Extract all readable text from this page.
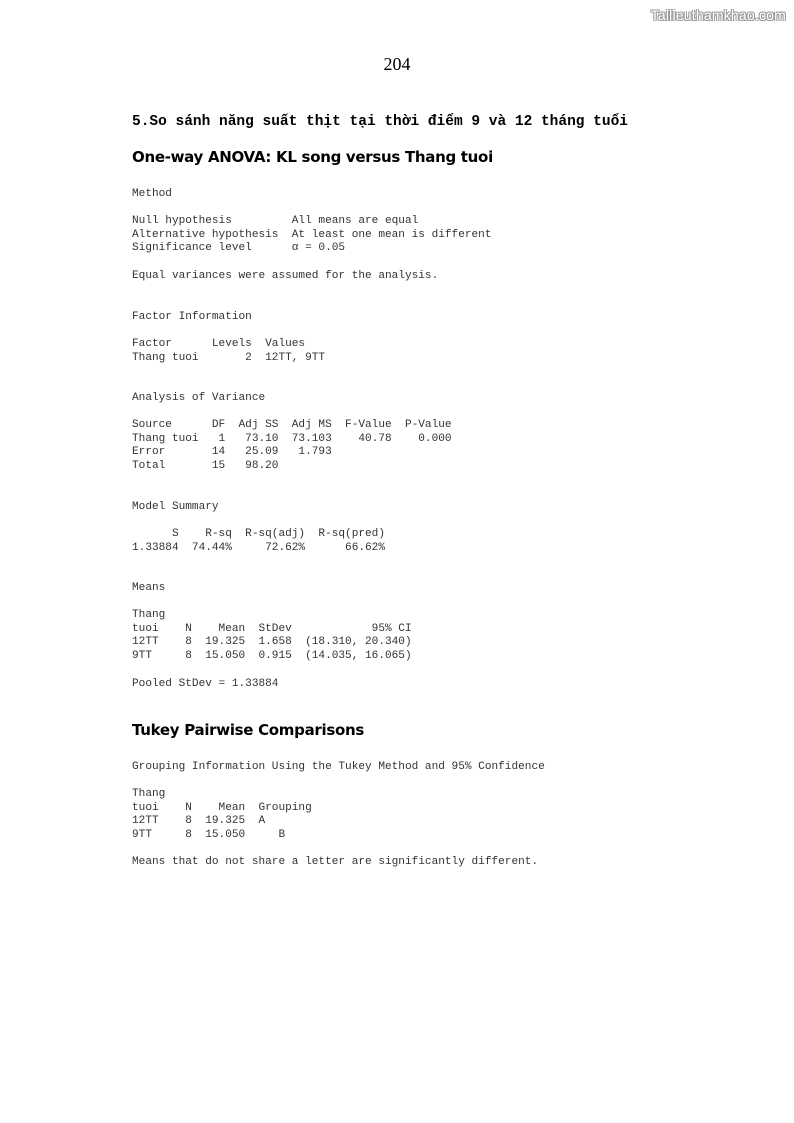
Tailieuthamkhao.com
204
5.So sánh năng suất thịt tại thời điểm 9 và 12 tháng tuổi
One-way ANOVA: KL song versus Thang tuoi
Method
Null hypothesis         All means are equal
Alternative hypothesis  At least one mean is different
Significance level      α = 0.05
Equal variances were assumed for the analysis.
Factor Information
Factor      Levels  Values
Thang tuoi       2  12TT, 9TT
Analysis of Variance
Source      DF  Adj SS  Adj MS  F-Value  P-Value
Thang tuoi   1   73.10  73.103    40.78    0.000
Error       14   25.09   1.793
Total       15   98.20
Model Summary
S    R-sq  R-sq(adj)  R-sq(pred)
1.33884  74.44%     72.62%      66.62%
Means
Thang
tuoi    N    Mean  StDev            95% CI
12TT    8  19.325  1.658  (18.310, 20.340)
9TT     8  15.050  0.915  (14.035, 16.065)
Pooled StDev = 1.33884
Tukey Pairwise Comparisons
Grouping Information Using the Tukey Method and 95% Confidence
Thang
tuoi    N    Mean  Grouping
12TT    8  19.325  A
9TT     8  15.050     B
Means that do not share a letter are significantly different.
